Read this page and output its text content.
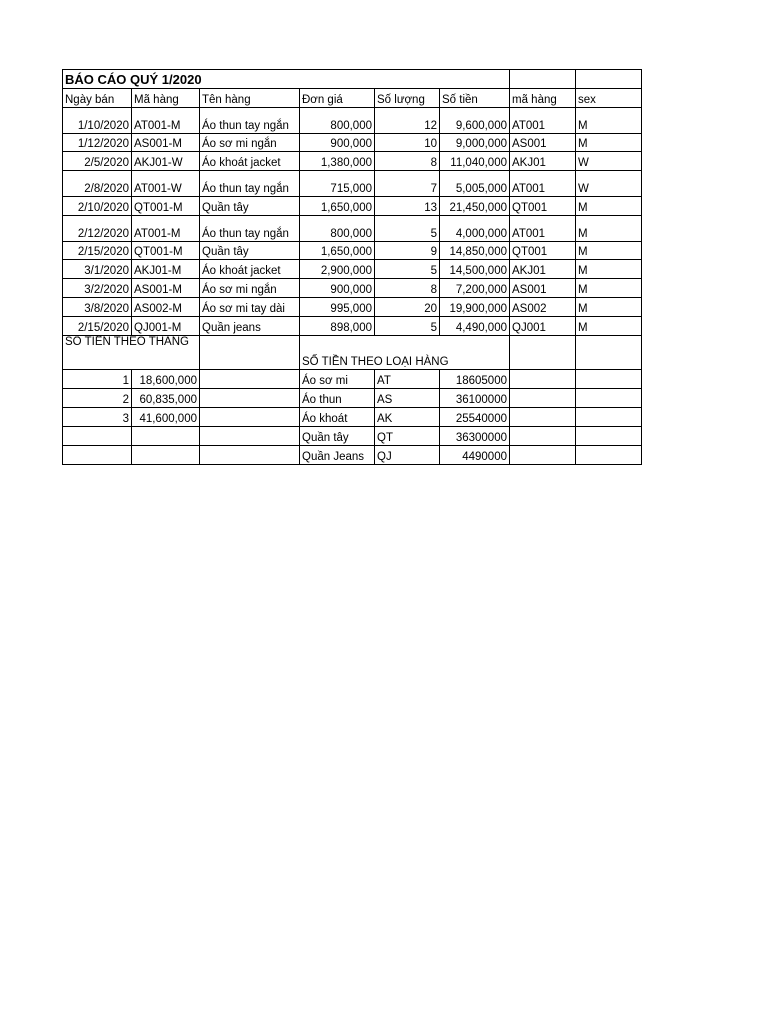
BÁO CÁO QUÝ 1/2020							
Ngày bán	Mã hàng	Tên hàng	Đơn giá	Số lượng	Số tiền	mã hàng	sex
1/10/2020	AT001-M	Áo thun tay ngắn	800,000	12	9,600,000	AT001	M
1/12/2020	AS001-M	Áo sơ mi ngắn	900,000	10	9,000,000	AS001	M
2/5/2020	AKJ01-W	Áo khoát jacket	1,380,000	8	11,040,000	AKJ01	W
2/8/2020	AT001-W	Áo thun tay ngắn	715,000	7	5,005,000	AT001	W
2/10/2020	QT001-M	Quần tây	1,650,000	13	21,450,000	QT001	M
2/12/2020	AT001-M	Áo thun tay ngắn	800,000	5	4,000,000	AT001	M
2/15/2020	QT001-M	Quần tây	1,650,000	9	14,850,000	QT001	M
3/1/2020	AKJ01-M	Áo khoát jacket	2,900,000	5	14,500,000	AKJ01	M
3/2/2020	AS001-M	Áo sơ mi ngắn	900,000	8	7,200,000	AS001	M
3/8/2020	AS002-M	Áo sơ mi tay dài	995,000	20	19,900,000	AS002	M
2/15/2020	QJ001-M	Quần jeans	898,000	5	4,490,000	QJ001	M
SỐ TIỀN THEO THÁNG			SỐ TIỀN THEO LOẠI HÀNG				
1	18,600,000		Áo sơ mi	AT	18605000		
2	60,835,000		Áo thun	AS	36100000		
3	41,600,000		Áo khoát	AK	25540000		
			Quần tây	QT	36300000		
			Quần Jeans	QJ	4490000		
